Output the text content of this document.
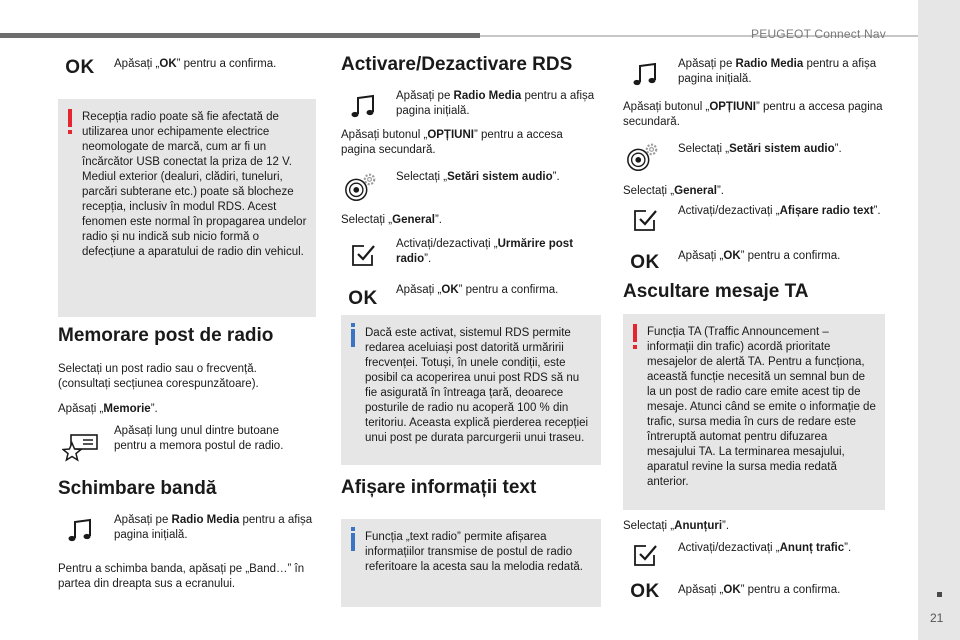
PEUGEOT Connect Nav
21
OK Apăsați „OK” pentru a confirma.
Recepția radio poate să fie afectată de utilizarea unor echipamente electrice neomologate de marcă, cum ar fi un încărcător USB conectat la priza de 12 V. Mediul exterior (dealuri, clădiri, tuneluri, parcări subterane etc.) poate să blocheze recepția, inclusiv în modul RDS. Acest fenomen este normal în propagarea undelor radio și nu indică sub nicio formă o defecțiune a aparatului de radio din vehicul.
Memorare post de radio
Selectați un post radio sau o frecvență. (consultați secțiunea corespunzătoare).
Apăsați „Memorie”.
Apăsați lung unul dintre butoane pentru a memora postul de radio.
Schimbare bandă
Apăsați pe Radio Media pentru a afișa pagina inițială.
Pentru a schimba banda, apăsați pe „Band…” în partea din dreapta sus a ecranului.
Activare/Dezactivare RDS
Apăsați pe Radio Media pentru a afișa pagina inițială.
Apăsați butonul „OPȚIUNI” pentru a accesa pagina secundară.
Selectați „Setări sistem audio”.
Selectați „General”.
Activați/dezactivați „Urmărire post radio”.
OK Apăsați „OK” pentru a confirma.
Dacă este activat, sistemul RDS permite redarea aceluiași post datorită urmăririi frecvenței. Totuși, în unele condiții, este posibil ca acoperirea unui post RDS să nu fie asigurată în întreaga țară, deoarece posturile de radio nu acoperă 100 % din teritoriu. Aceasta explică pierderea recepției unui post pe durata parcurgerii unui traseu.
Afișare informații text
Funcția „text radio” permite afișarea informațiilor transmise de postul de radio referitoare la acesta sau la melodia redată.
Apăsați pe Radio Media pentru a afișa pagina inițială.
Apăsați butonul „OPȚIUNI” pentru a accesa pagina secundară.
Selectați „Setări sistem audio”.
Selectați „General”.
Activați/dezactivați „Afișare radio text”.
OK Apăsați „OK” pentru a confirma.
Ascultare mesaje TA
Funcția TA (Traffic Announcement – informații din trafic) acordă prioritate mesajelor de alertă TA. Pentru a funcționa, această funcție necesită un semnal bun de la un post de radio care emite acest tip de mesaje. Atunci când se emite o informație de trafic, sursa media în curs de redare este întreruptă automat pentru difuzarea mesajului TA. La terminarea mesajului, aparatul revine la sursa media redată anterior.
Selectați „Anunțuri”.
Activați/dezactivați „Anunț trafic”.
OK Apăsați „OK” pentru a confirma.
